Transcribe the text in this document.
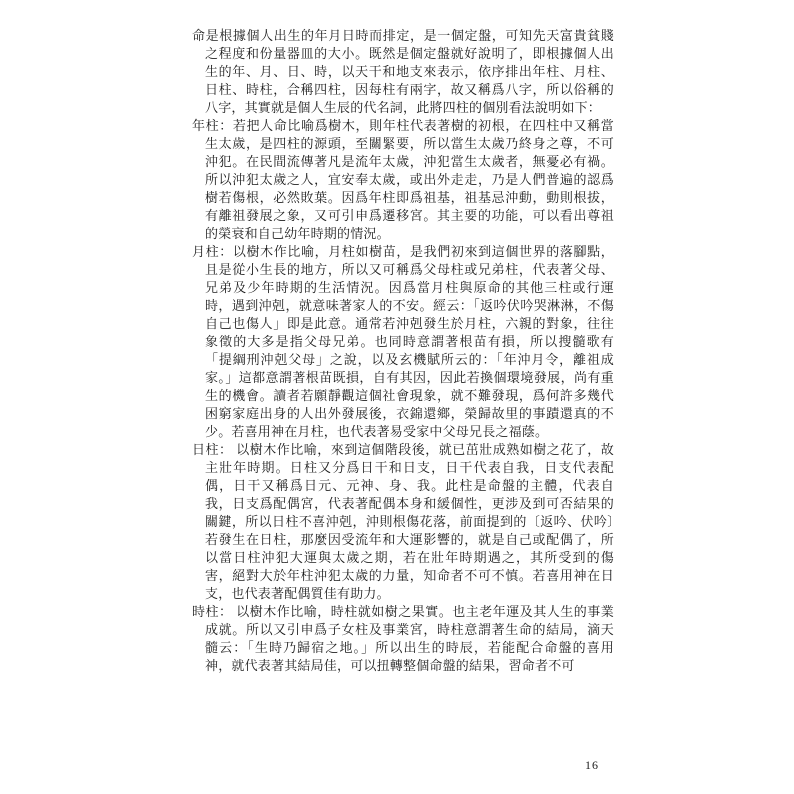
命是根據個人出生的年月日時而排定，是一個定盤，可知先天富貴貧賤之程度和份量器皿的大小。既然是個定盤就好說明了，即根據個人出生的年、月、日、時，以天干和地支來表示，依序排出年柱、月柱、日柱、時柱，合稱四柱，因每柱有兩字，故又稱爲八字，所以俗稱的八字，其實就是個人生辰的代名詞，此將四柱的個別看法說明如下：

年柱：若把人命比喻爲樹木，則年柱代表著樹的初根，在四柱中又稱當生太歲，是四柱的源頭，至關緊要，所以當生太歲乃終身之尊，不可沖犯。在民間流傳著凡是流年太歲，沖犯當生太歲者，無憂必有禍。所以沖犯太歲之人，宜安奉太歲，或出外走走，乃是人們普遍的認爲樹若傷根，必然敗葉。因爲年柱即爲祖基，祖基忌沖動，動則根拔，有離祖發展之象，又可引申爲遷移宮。其主要的功能，可以看出尊祖的榮衰和自己幼年時期的情況。

月柱：以樹木作比喻，月柱如樹苗，是我們初來到這個世界的落腳點，且是從小生長的地方，所以又可稱爲父母柱或兄弟柱，代表著父母、兄弟及少年時期的生活情況。因爲當月柱與原命的其他三柱或行運時，遇到沖剋，就意味著家人的不安。經云：「返吟伏吟哭淋淋，不傷自己也傷人」即是此意。通常若沖剋發生於月柱，六親的對象，往往象徵的大多是指父母兄弟。也同時意謂著根苗有損，所以搜髓歌有「提綱刑沖剋父母」之說，以及玄機賦所云的：「年沖月令，離祖成家。」這都意謂著根苗既損，自有其因，因此若換個環境發展，尚有重生的機會。讀者若願靜觀這個社會現象，就不難發現，爲何許多幾代困窮家庭出身的人出外發展後，衣錦還鄉，榮歸故里的事蹟還真的不少。若喜用神在月柱，也代表著易受家中父母兄長之福蔭。

日柱： 以樹木作比喻，來到這個階段後，就已茁壯成熟如樹之花了，故主壯年時期。日柱又分爲日干和日支，日干代表自我，日支代表配偶，日干又稱爲日元、元神、身、我。此柱是命盤的主體，代表自我，日支爲配偶宮，代表著配偶本身和緩個性，更涉及到可否結果的關鍵，所以日柱不喜沖剋，沖則根傷花落，前面提到的〔返吟、伏吟〕若發生在日柱，那麼因受流年和大運影響的，就是自己或配偶了，所以當日柱沖犯大運與太歲之期，若在壯年時期遇之，其所受到的傷害，絕對大於年柱沖犯太歲的力量，知命者不可不慎。若喜用神在日支，也代表著配偶質佳有助力。

時柱： 以樹木作比喻，時柱就如樹之果實。也主老年運及其人生的事業成就。所以又引申爲子女柱及事業宮，時柱意謂著生命的結局，滴天髓云：「生時乃歸宿之地。」所以出生的時辰，若能配合命盤的喜用神，就代表著其結局佳，可以扭轉整個命盤的結果，習命者不可

16
